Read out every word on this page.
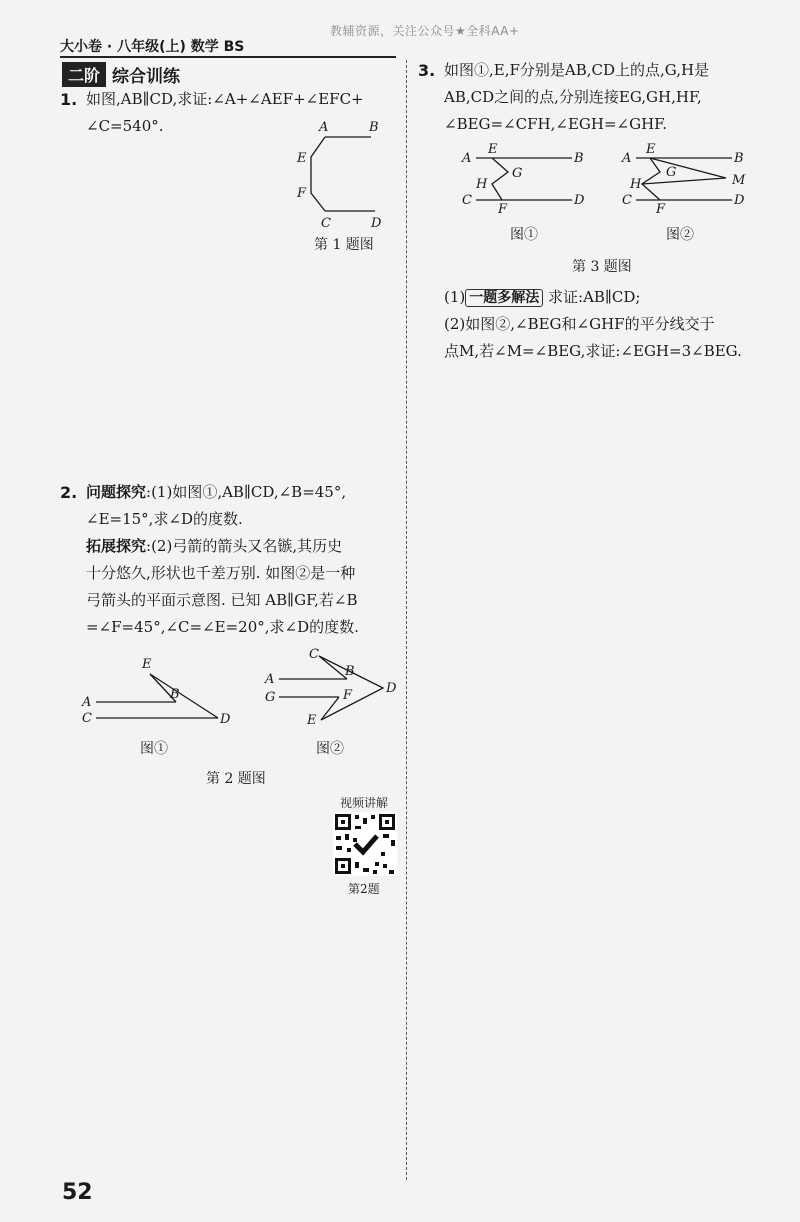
教辅资源，关注公众号★全科AA+
大小卷 · 八年级(上) 数学 BS
二阶 综合训练
1. 如图,AB∥CD,求证:∠A+∠AEF+∠EFC+
∠C=540°.	A	B
E
F
C	D
第 1 题图
2. 问题探究:(1)如图①,AB∥CD,∠B=45°,
∠E=15°,求∠D的度数.
拓展探究:(2)弓箭的箭头又名镞,其历史
十分悠久,形状也千差万别. 如图②是一种
弓箭头的平面示意图. 已知 AB∥GF,若∠B
=∠F=45°,∠C=∠E=20°,求∠D的度数.
E
A
B
C	D
图①
C
A
B
G	F	D
E
图②
第 2 题图
视频讲解
第2题
3. 如图①,E,F分别是AB,CD上的点,G,H是
AB,CD之间的点,分别连接EG,GH,HF,
∠BEG=∠CFH,∠EGH=∠GHF.
A
E
B
G
H
C
F
D
图①
A
E
B
G
M
H
C
F
D
图②
第 3 题图
(1) 一题多解法 求证:AB∥CD;
(2)如图②,∠BEG和∠GHF的平分线交于
点M,若∠M=∠BEG,求证:∠EGH=3∠BEG.
52
